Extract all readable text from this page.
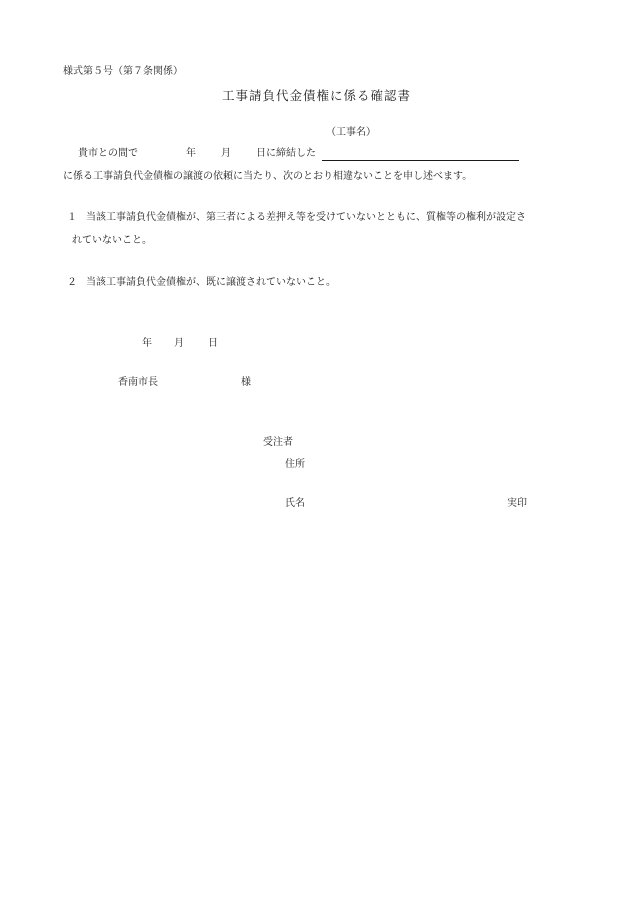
様式第５号（第７条関係）
工事請負代金債権に係る確認書
（工事名）
貴市との間で	年	月	日に締結した
に係る工事請負代金債権の譲渡の依頼に当たり、次のとおり相違ないことを申し述べます。
１ 当該工事請負代金債権が、第三者による差押え等を受けていないとともに、質権等の権利が設定さ
れていないこと。
２ 当該工事請負代金債権が、既に譲渡されていないこと。
年 月 日
香南市長	様
受注者
住所
氏名	実印
